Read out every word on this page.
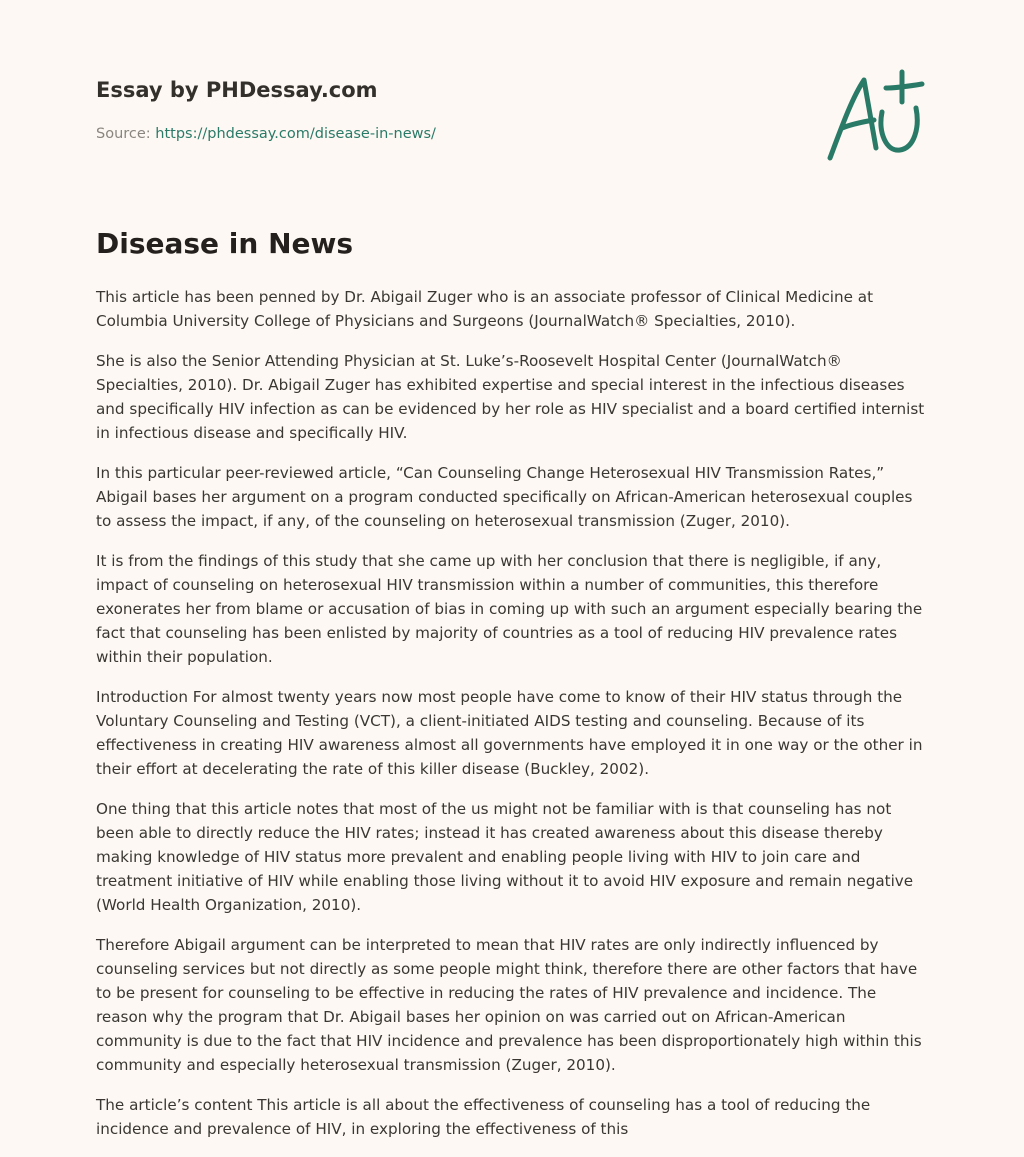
Essay by PHDessay.com
Source: https://phdessay.com/disease-in-news/
Disease in News

This article has been penned by Dr. Abigail Zuger who is an associate professor of Clinical Medicine at Columbia University College of Physicians and Surgeons (JournalWatch® Specialties, 2010).

She is also the Senior Attending Physician at St. Luke’s-Roosevelt Hospital Center (JournalWatch® Specialties, 2010). Dr. Abigail Zuger has exhibited expertise and special interest in the infectious diseases and specifically HIV infection as can be evidenced by her role as HIV specialist and a board certified internist in infectious disease and specifically HIV.

In this particular peer-reviewed article, “Can Counseling Change Heterosexual HIV Transmission Rates,” Abigail bases her argument on a program conducted specifically on African-American heterosexual couples to assess the impact, if any, of the counseling on heterosexual transmission (Zuger, 2010).

It is from the findings of this study that she came up with her conclusion that there is negligible, if any, impact of counseling on heterosexual HIV transmission within a number of communities, this therefore exonerates her from blame or accusation of bias in coming up with such an argument especially bearing the fact that counseling has been enlisted by majority of countries as a tool of reducing HIV prevalence rates within their population.

Introduction For almost twenty years now most people have come to know of their HIV status through the Voluntary Counseling and Testing (VCT), a client-initiated AIDS testing and counseling. Because of its effectiveness in creating HIV awareness almost all governments have employed it in one way or the other in their effort at decelerating the rate of this killer disease (Buckley, 2002).

One thing that this article notes that most of the us might not be familiar with is that counseling has not been able to directly reduce the HIV rates; instead it has created awareness about this disease thereby making knowledge of HIV status more prevalent and enabling people living with HIV to join care and treatment initiative of HIV while enabling those living without it to avoid HIV exposure and remain negative (World Health Organization, 2010).

Therefore Abigail argument can be interpreted to mean that HIV rates are only indirectly influenced by counseling services but not directly as some people might think, therefore there are other factors that have to be present for counseling to be effective in reducing the rates of HIV prevalence and incidence. The reason why the program that Dr. Abigail bases her opinion on was carried out on African-American community is due to the fact that HIV incidence and prevalence has been disproportionately high within this community and especially heterosexual transmission (Zuger, 2010).

The article’s content This article is all about the effectiveness of counseling has a tool of reducing the incidence and prevalence of HIV, in exploring the effectiveness of this
